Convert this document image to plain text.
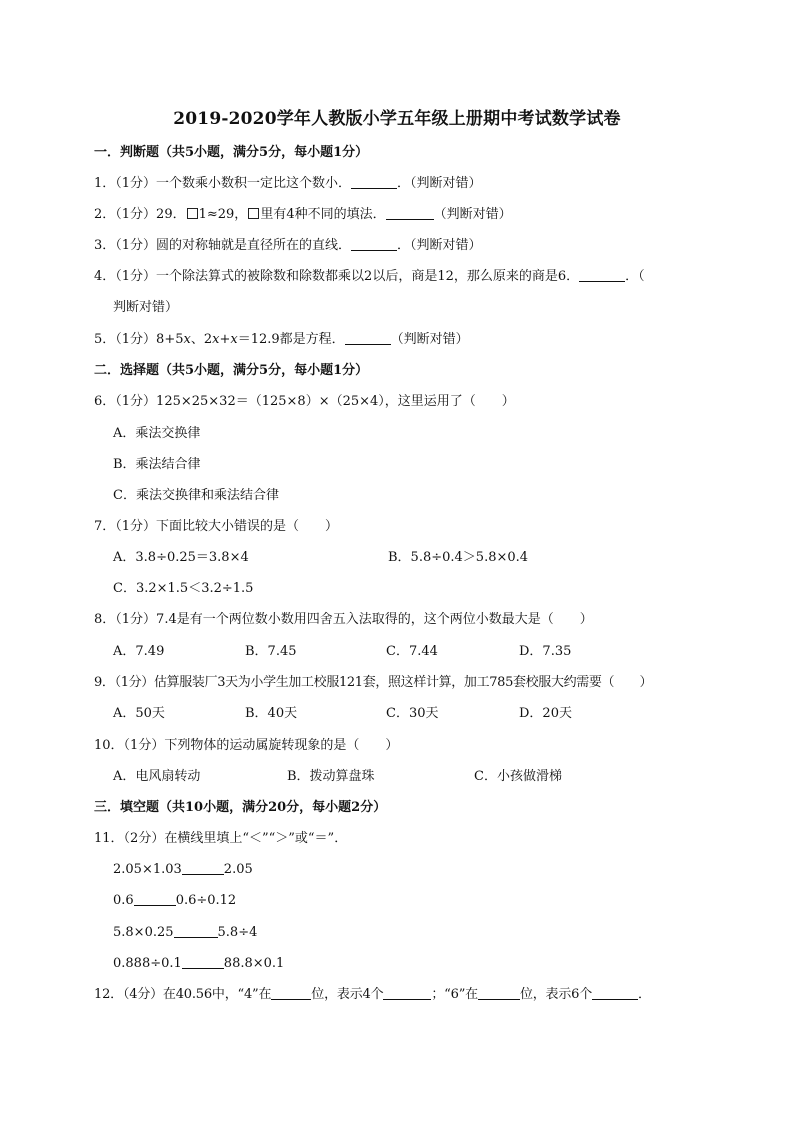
2019-2020学年人教版小学五年级上册期中考试数学试卷
一．判断题（共5小题，满分5分，每小题1分）
1．（1分）一个数乘小数积一定比这个数小．	．（判断对错）
2．（1分）29． 1≈29， 里有4种不同的填法．	（判断对错）
3．（1分）圆的对称轴就是直径所在的直线．	．（判断对错）
4．（1分）一个除法算式的被除数和除数都乘以2以后，商是12，那么原来的商是6．	．（
判断对错）
5．（1分）8+5x、2x+x＝12.9都是方程．	（判断对错）
二．选择题（共5小题，满分5分，每小题1分）
6．（1分）125×25×32＝（125×8）×（25×4），这里运用了（　　）
A．乘法交换律
B．乘法结合律
C．乘法交换律和乘法结合律
7．（1分）下面比较大小错误的是（　　）
A．3.8÷0.25＝3.8×4	B．5.8÷0.4＞5.8×0.4
C．3.2×1.5＜3.2÷1.5
8．（1分）7.4是有一个两位数小数用四舍五入法取得的，这个两位小数最大是（　　）
A．7.49	B．7.45	C．7.44	D．7.35
9．（1分）估算服装厂3天为小学生加工校服121套，照这样计算，加工785套校服大约需要（　　）
A．50天	B．40天	C．30天	D．20天
10．（1分）下列物体的运动属旋转现象的是（　　）
A．电风扇转动	B．拨动算盘珠	C．小孩做滑梯
三．填空题（共10小题，满分20分，每小题2分）
11．（2分）在横线里填上“＜”“＞”或“＝”．
2.05×1.03	2.05
0.6	0.6÷0.12
5.8×0.25	5.8÷4
0.888÷0.1	88.8×0.1
12．（4分）在40.56中，“4”在	位，表示4个	；“6”在	位，表示6个	．
